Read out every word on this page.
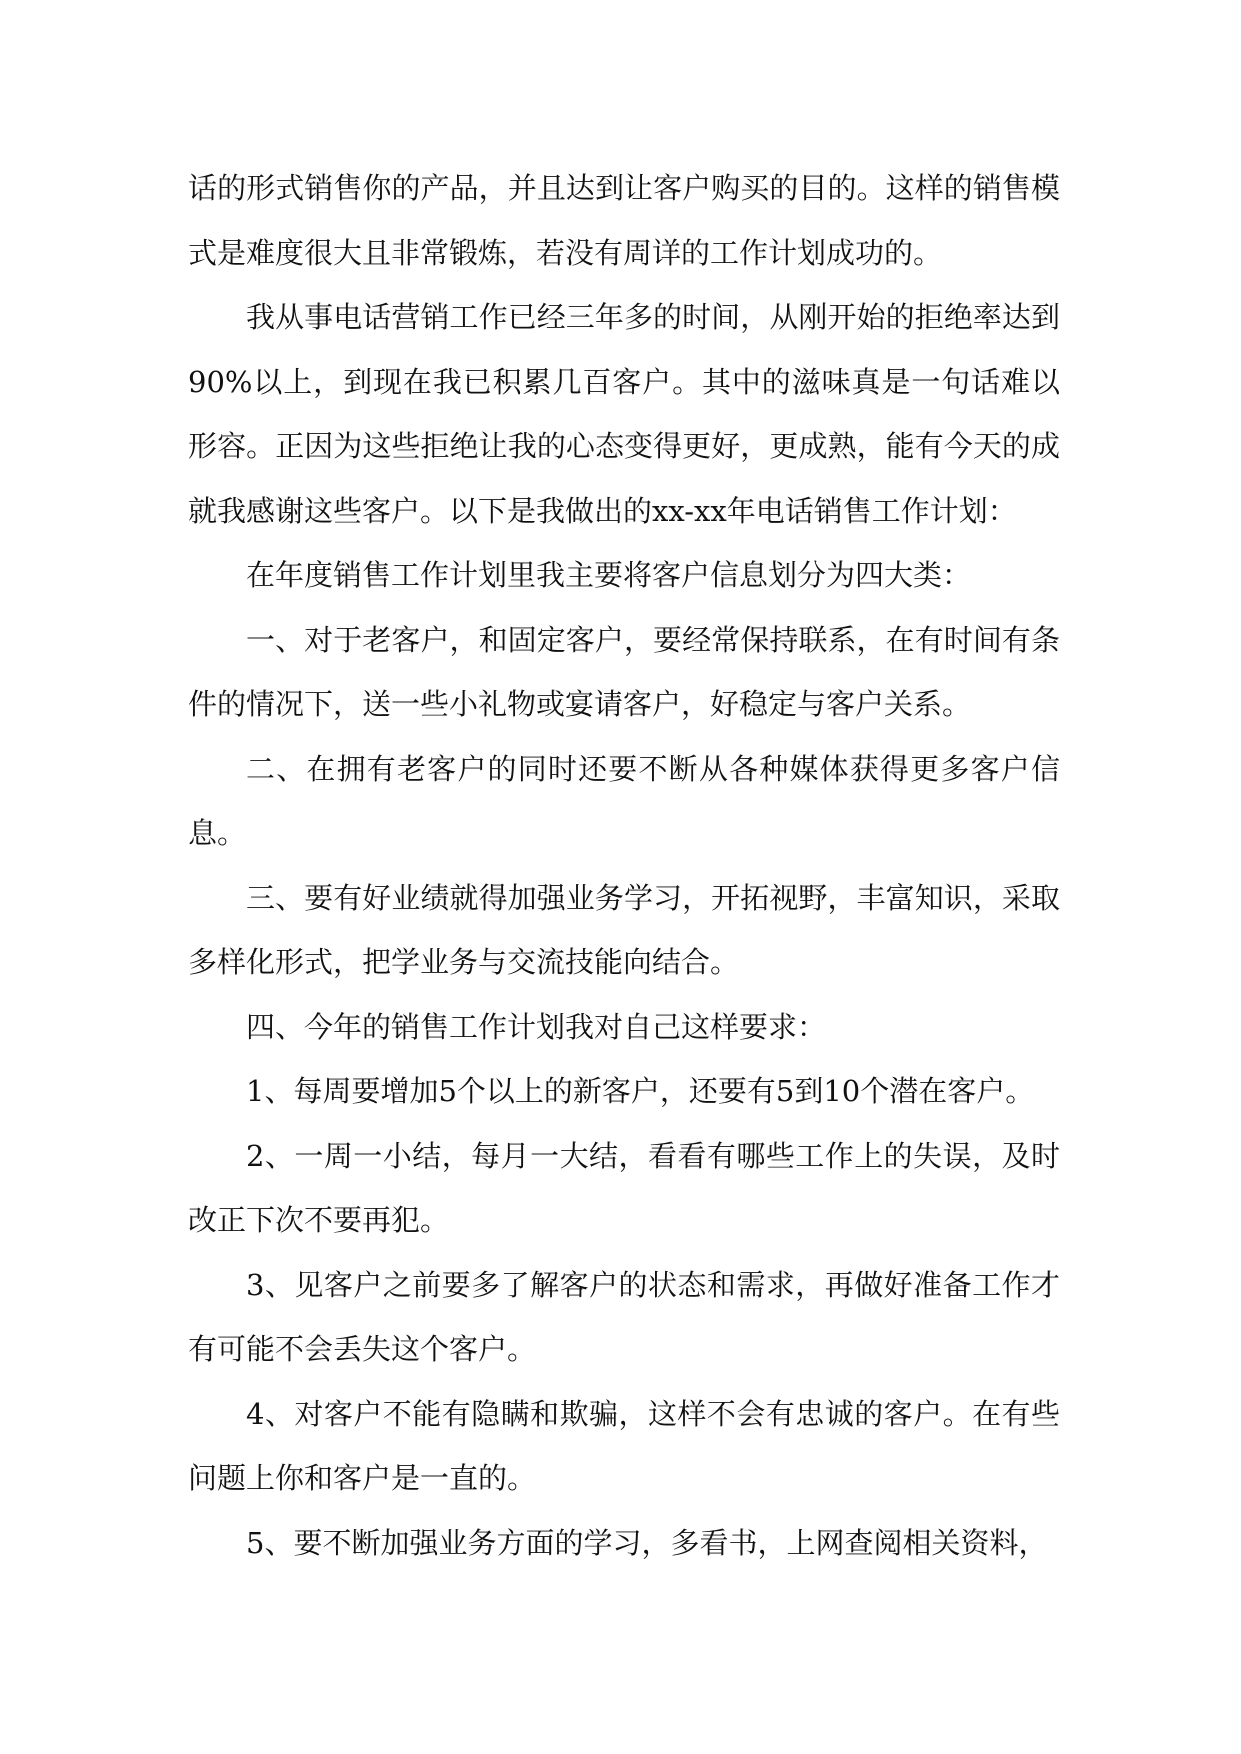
话的形式销售你的产品，并且达到让客户购买的目的。这样的销售模式是难度很大且非常锻炼，若没有周详的工作计划成功的。

我从事电话营销工作已经三年多的时间，从刚开始的拒绝率达到90%以上，到现在我已积累几百客户。其中的滋味真是一句话难以形容。正因为这些拒绝让我的心态变得更好，更成熟，能有今天的成就我感谢这些客户。以下是我做出的xx-xx年电话销售工作计划：

在年度销售工作计划里我主要将客户信息划分为四大类：

一、对于老客户，和固定客户，要经常保持联系，在有时间有条件的情况下，送一些小礼物或宴请客户，好稳定与客户关系。

二、在拥有老客户的同时还要不断从各种媒体获得更多客户信息。

三、要有好业绩就得加强业务学习，开拓视野，丰富知识，采取多样化形式，把学业务与交流技能向结合。

四、今年的销售工作计划我对自己这样要求：

1、每周要增加5个以上的新客户，还要有5到10个潜在客户。

2、一周一小结，每月一大结，看看有哪些工作上的失误，及时改正下次不要再犯。

3、见客户之前要多了解客户的状态和需求，再做好准备工作才有可能不会丢失这个客户。

4、对客户不能有隐瞒和欺骗，这样不会有忠诚的客户。在有些问题上你和客户是一直的。

5、要不断加强业务方面的学习，多看书，上网查阅相关资料，
